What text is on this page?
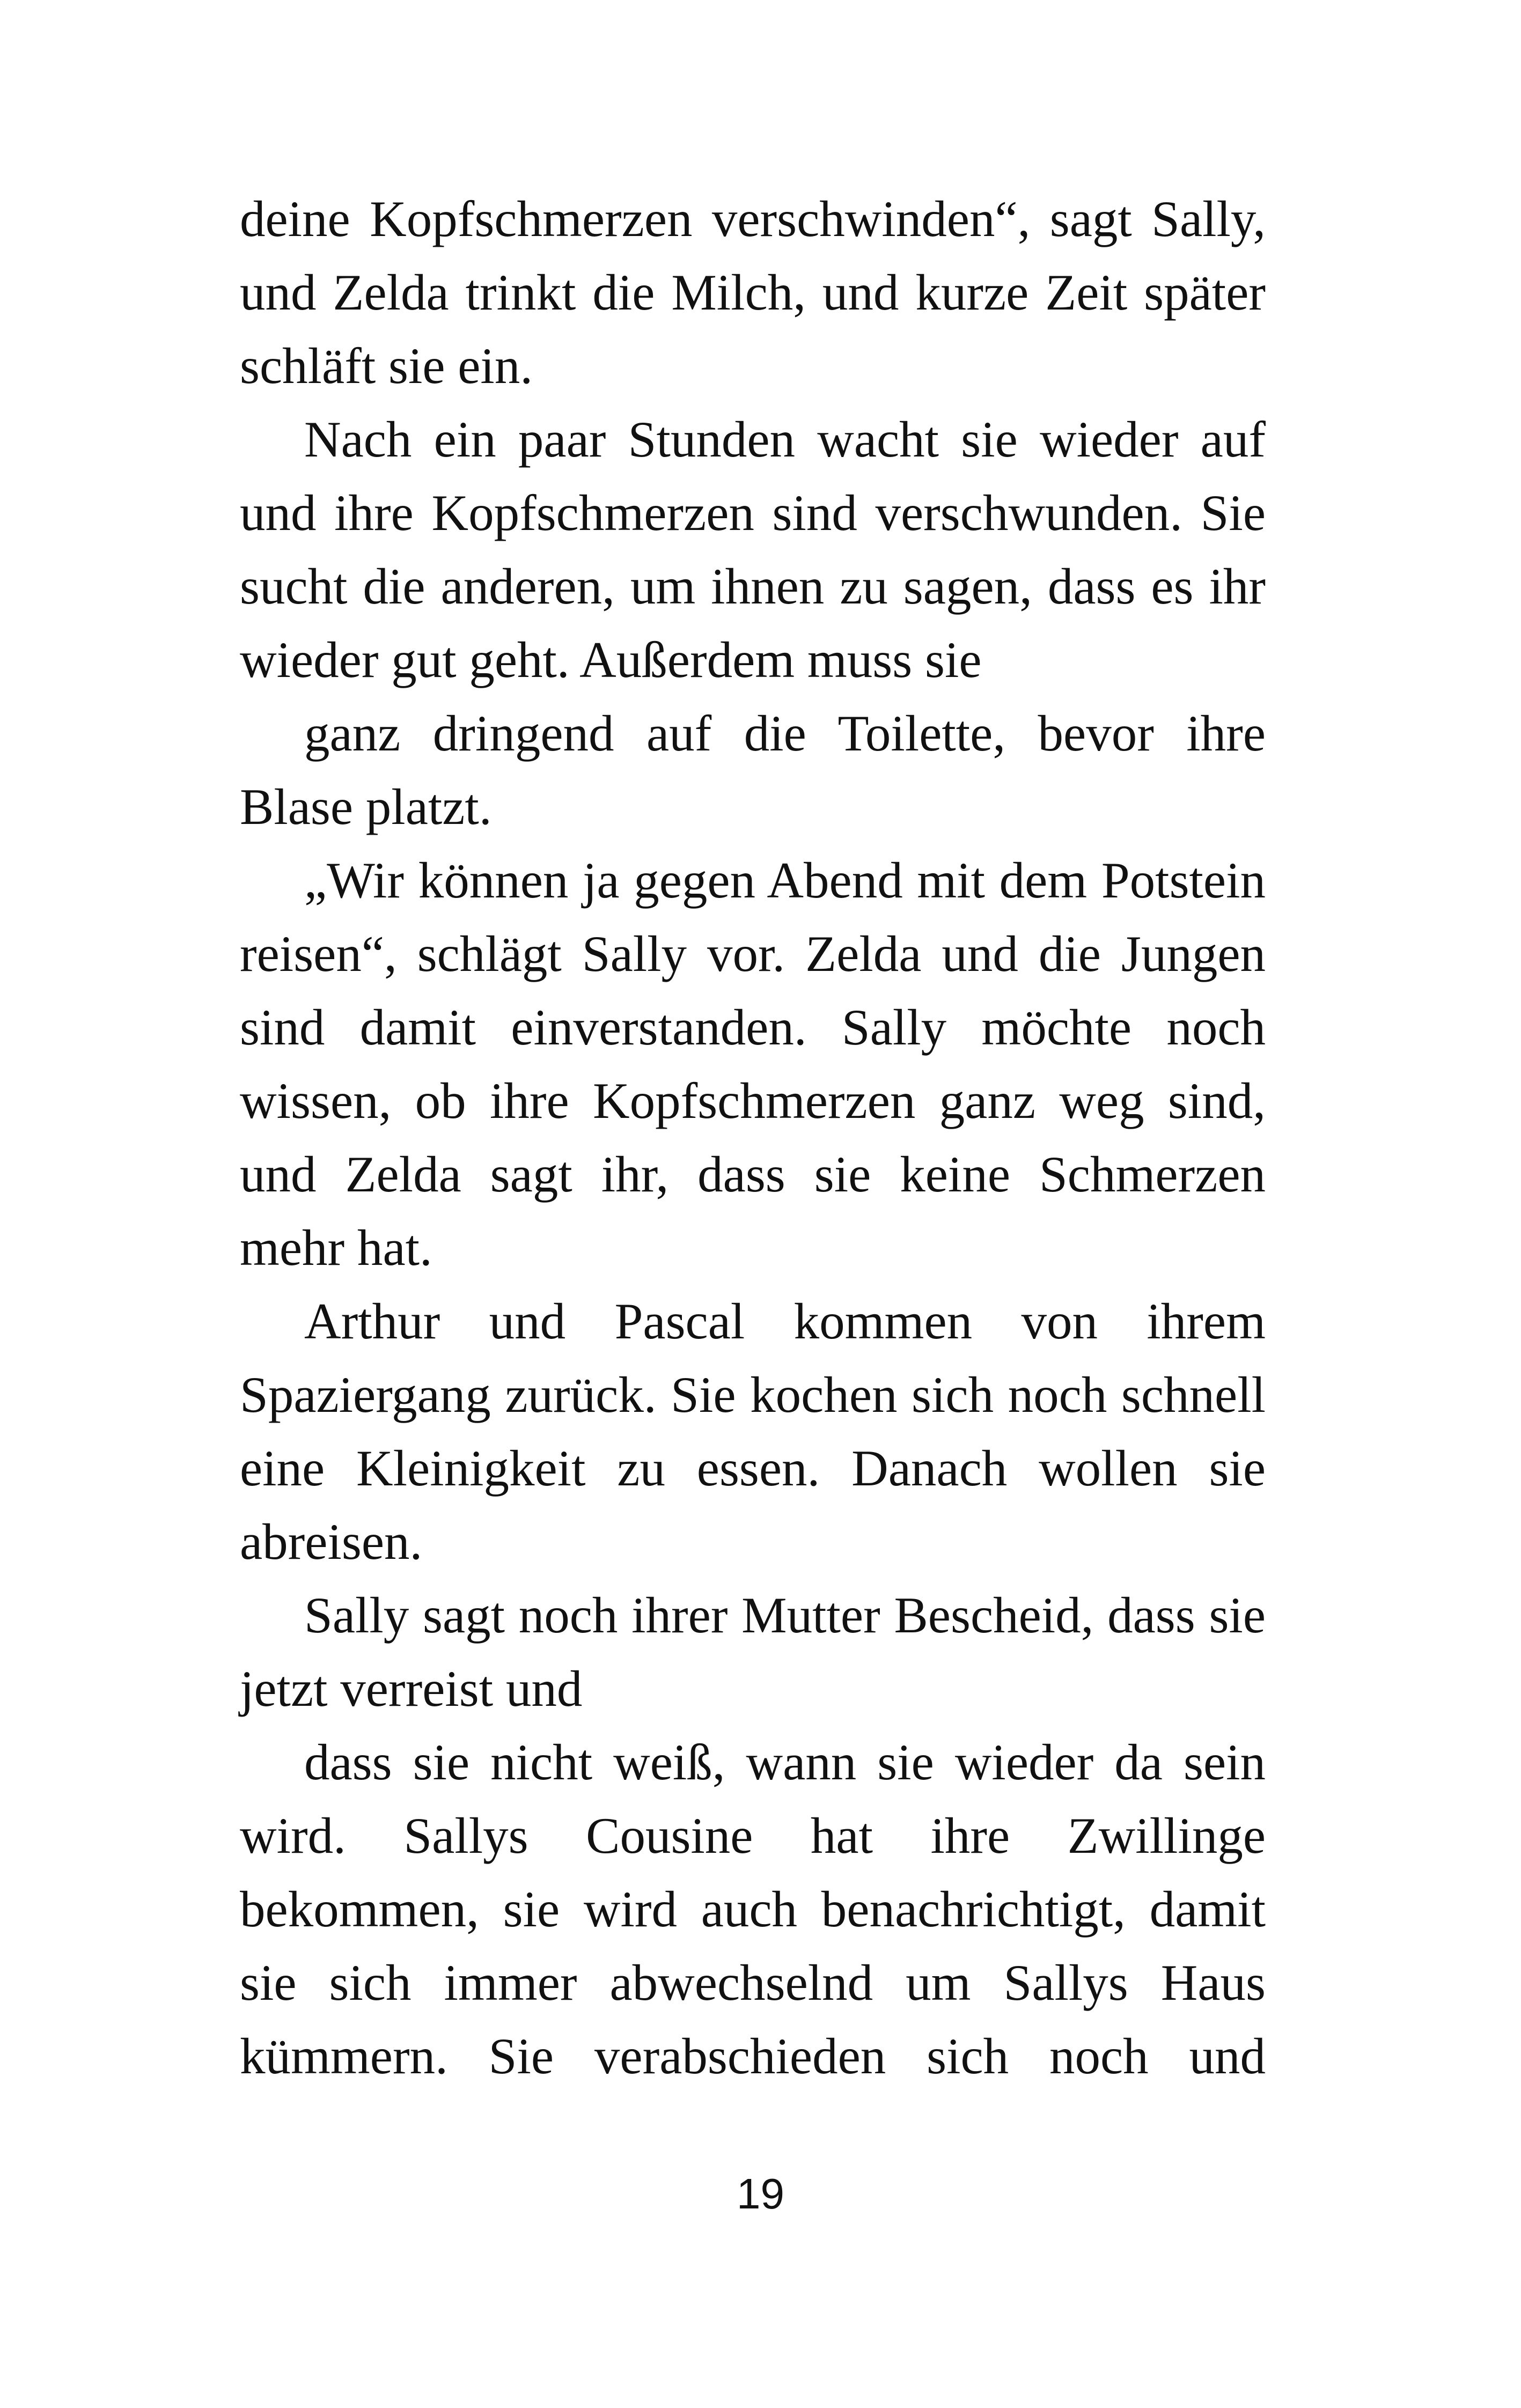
deine Kopfschmerzen verschwinden“, sagt Sally, und Zelda trinkt die Milch, und kurze Zeit später schläft sie ein.

Nach ein paar Stunden wacht sie wieder auf und ihre Kopfschmerzen sind verschwunden. Sie sucht die anderen, um ihnen zu sagen, dass es ihr wieder gut geht. Außerdem muss sie

ganz dringend auf die Toilette, bevor ihre Blase platzt.

„Wir können ja gegen Abend mit dem Potstein reisen“, schlägt Sally vor. Zelda und die Jungen sind damit einverstanden. Sally möchte noch wissen, ob ihre Kopfschmerzen ganz weg sind, und Zelda sagt ihr, dass sie keine Schmerzen mehr hat.

Arthur und Pascal kommen von ihrem Spaziergang zurück. Sie kochen sich noch schnell eine Kleinigkeit zu essen. Danach wollen sie abreisen.

Sally sagt noch ihrer Mutter Bescheid, dass sie jetzt verreist und

dass sie nicht weiß, wann sie wieder da sein wird. Sallys Cousine hat ihre Zwillinge bekommen, sie wird auch benachrichtigt, damit sie sich immer abwechselnd um Sallys Haus kümmern. Sie verabschieden sich noch und

19
